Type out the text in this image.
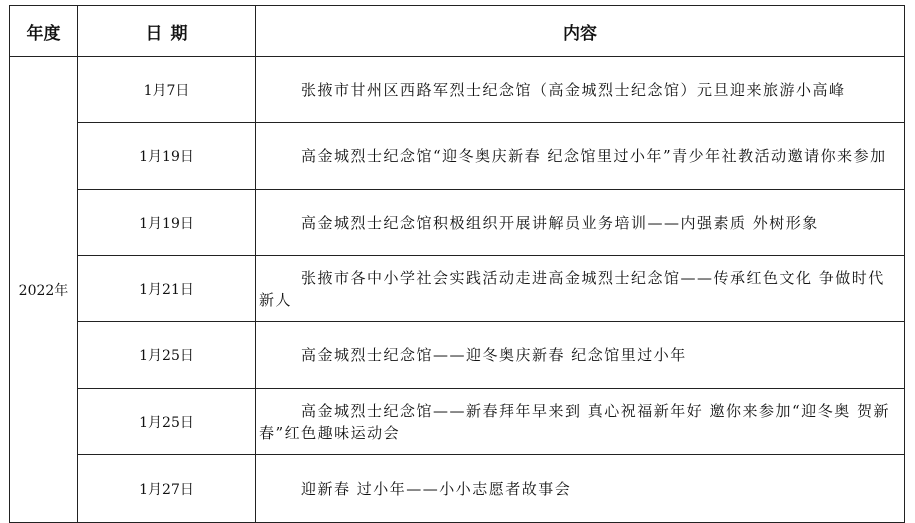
年度	日期	内容
2022年	1月7日	张掖市甘州区西路军烈士纪念馆（高金城烈士纪念馆）元旦迎来旅游小高峰
	1月19日	高金城烈士纪念馆“迎冬奥庆新春 纪念馆里过小年”青少年社教活动邀请你来参加
	1月19日	高金城烈士纪念馆积极组织开展讲解员业务培训——内强素质 外树形象
	1月21日	张掖市各中小学社会实践活动走进高金城烈士纪念馆——传承红色文化 争做时代新人
	1月25日	高金城烈士纪念馆——迎冬奥庆新春 纪念馆里过小年
	1月25日	高金城烈士纪念馆——新春拜年早来到 真心祝福新年好 邀你来参加“迎冬奥 贺新春”红色趣味运动会
	1月27日	迎新春 过小年——小小志愿者故事会
